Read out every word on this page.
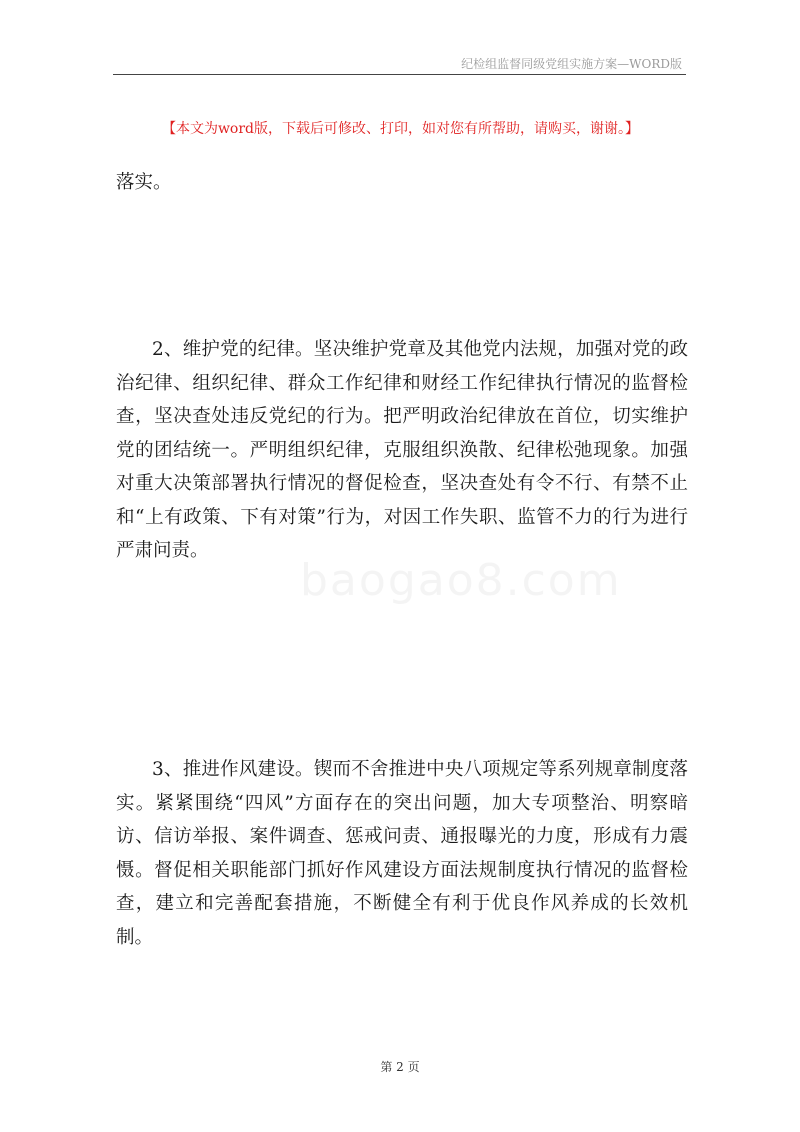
纪检组监督同级党组实施方案—WORD版
【本文为word版，下载后可修改、打印，如对您有所帮助，请购买，谢谢。】

落实。

baogao8.com

2、维护党的纪律。坚决维护党章及其他党内法规，加强对党的政治纪律、组织纪律、群众工作纪律和财经工作纪律执行情况的监督检查，坚决查处违反党纪的行为。把严明政治纪律放在首位，切实维护党的团结统一。严明组织纪律，克服组织涣散、纪律松弛现象。加强对重大决策部署执行情况的督促检查，坚决查处有令不行、有禁不止和“上有政策、下有对策”行为，对因工作失职、监管不力的行为进行严肃问责。

3、推进作风建设。锲而不舍推进中央八项规定等系列规章制度落实。紧紧围绕“四风”方面存在的突出问题，加大专项整治、明察暗访、信访举报、案件调查、惩戒问责、通报曝光的力度，形成有力震慑。督促相关职能部门抓好作风建设方面法规制度执行情况的监督检查，建立和完善配套措施，不断健全有利于优良作风养成的长效机制。

第 2 页
